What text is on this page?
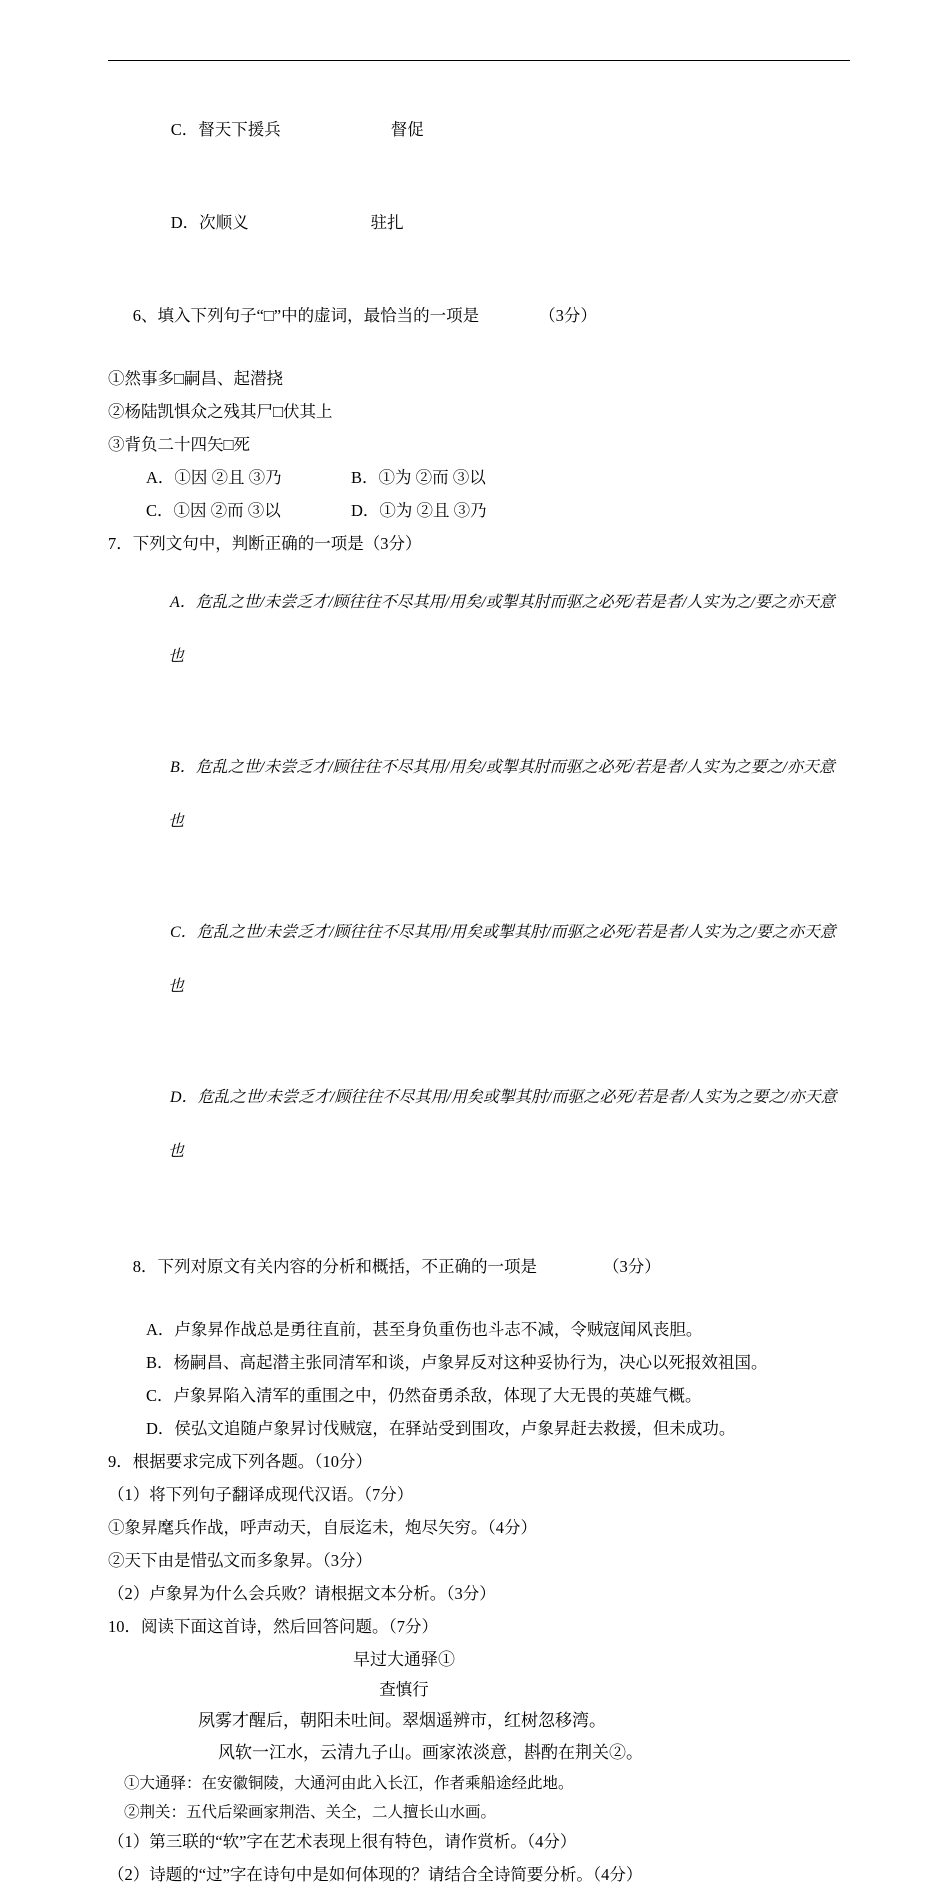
C．督天下援兵	督促

D．次顺义	驻扎

6、填入下列句子“□”中的虚词，最恰当的一项是	（3分）

①然事多□嗣昌、起潜挠
②杨陆凯惧众之残其尸□伏其上
③背负二十四矢□死
A．①因 ②且 ③乃	B．①为 ②而 ③以
C．①因 ②而 ③以	D．①为 ②且 ③乃
7．下列文句中，判断正确的一项是（3分）

A．危乱之世/未尝乏才/顾往往不尽其用/用矣/或掣其肘而驱之必死/若是者/人实为之/要之亦天意

也

B．危乱之世/未尝乏才/顾往往不尽其用/用矣/或掣其肘而驱之必死/若是者/人实为之要之/亦天意

也

C．危乱之世/未尝乏才/顾往往不尽其用/用矣或掣其肘/而驱之必死/若是者/人实为之/要之亦天意

也

D．危乱之世/未尝乏才/顾往往不尽其用/用矣或掣其肘/而驱之必死/若是者/人实为之要之/亦天意

也

8．下列对原文有关内容的分析和概括，不正确的一项是	（3分）

A．卢象昇作战总是勇往直前，甚至身负重伤也斗志不减，令贼寇闻风丧胆。
B．杨嗣昌、高起潜主张同清军和谈，卢象昇反对这种妥协行为，决心以死报效祖国。
C．卢象昇陷入清军的重围之中，仍然奋勇杀敌，体现了大无畏的英雄气概。
D．侯弘文追随卢象昇讨伐贼寇，在驿站受到围攻，卢象昇赶去救援，但未成功。
9．根据要求完成下列各题。（10分）
（1）将下列句子翻译成现代汉语。（7分）
①象昇麾兵作战，呼声动天，自辰迄未，炮尽矢穷。（4分）
②天下由是惜弘文而多象昇。（3分）
（2）卢象昇为什么会兵败？请根据文本分析。（3分）
10．阅读下面这首诗，然后回答问题。（7分）
早过大通驿①
查慎行
夙雾才醒后，朝阳未吐间。翠烟遥辨市，红树忽移湾。
风软一江水，云清九子山。画家浓淡意，斟酌在荆关②。
①大通驿：在安徽铜陵，大通河由此入长江，作者乘船途经此地。
②荆关：五代后梁画家荆浩、关仝，二人擅长山水画。
（1）第三联的“软”字在艺术表现上很有特色，请作赏析。（4分）
（2）诗题的“过”字在诗句中是如何体现的？请结合全诗简要分析。（4分）
